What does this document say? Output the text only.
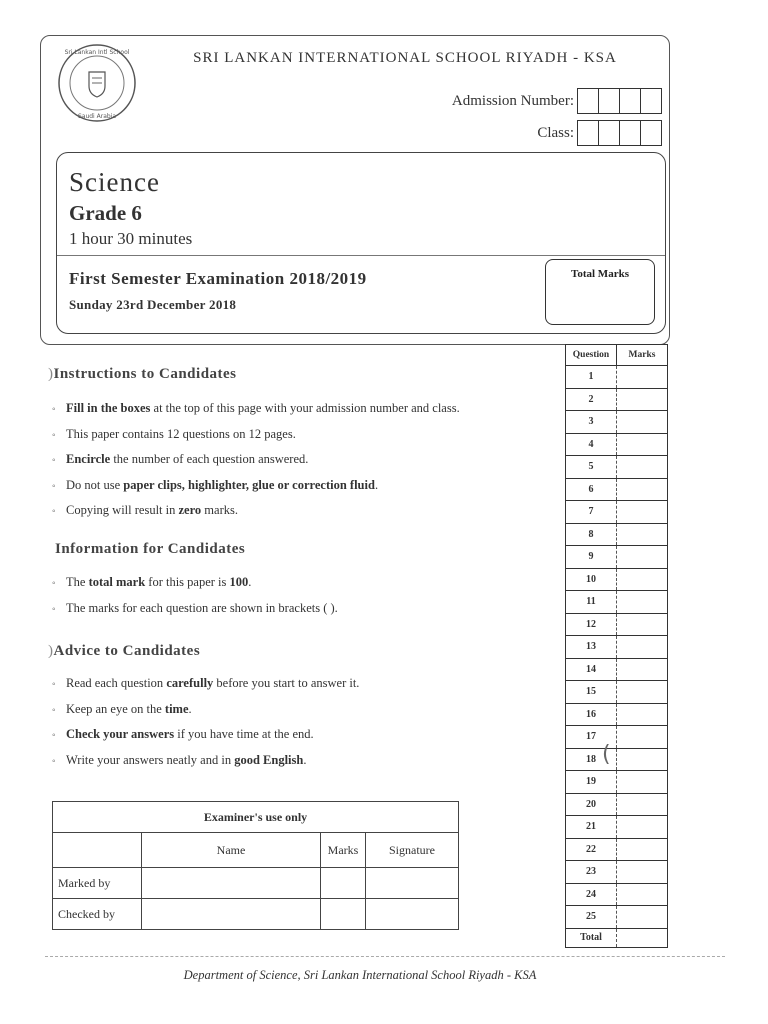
Sri Lankan Intl School
Saudi Arabia
SRI LANKAN INTERNATIONAL SCHOOL RIYADH - KSA
Admission Number:
Class:
Science
Grade 6
1 hour 30 minutes
First Semester Examination 2018/2019
Sunday 23rd December 2018
Total Marks
)Instructions to Candidates
◦ Fill in the boxes at the top of this page with your admission number and class.
◦ This paper contains 12 questions on 12 pages.
◦ Encircle the number of each question answered.
◦ Do not use paper clips, highlighter, glue or correction fluid.
◦ Copying will result in zero marks.
Information for Candidates
◦ The total mark for this paper is 100.
◦ The marks for each question are shown in brackets ( ).
)Advice to Candidates
◦ Read each question carefully before you start to answer it.
◦ Keep an eye on the time.
◦ Check your answers if you have time at the end.
◦ Write your answers neatly and in good English.
Question	Marks
1	
2	
3	
4	
5	
6	
7	
8	
9	
10	
11	
12	
13	
14	
15	
16	
17	
18	
19	
20	
21	
22	
23	
24	
25	
Total	
(
Examiner's use only			
	Name	Marks	Signature
Marked by			
Checked by			
Department of Science, Sri Lankan International School Riyadh - KSA
